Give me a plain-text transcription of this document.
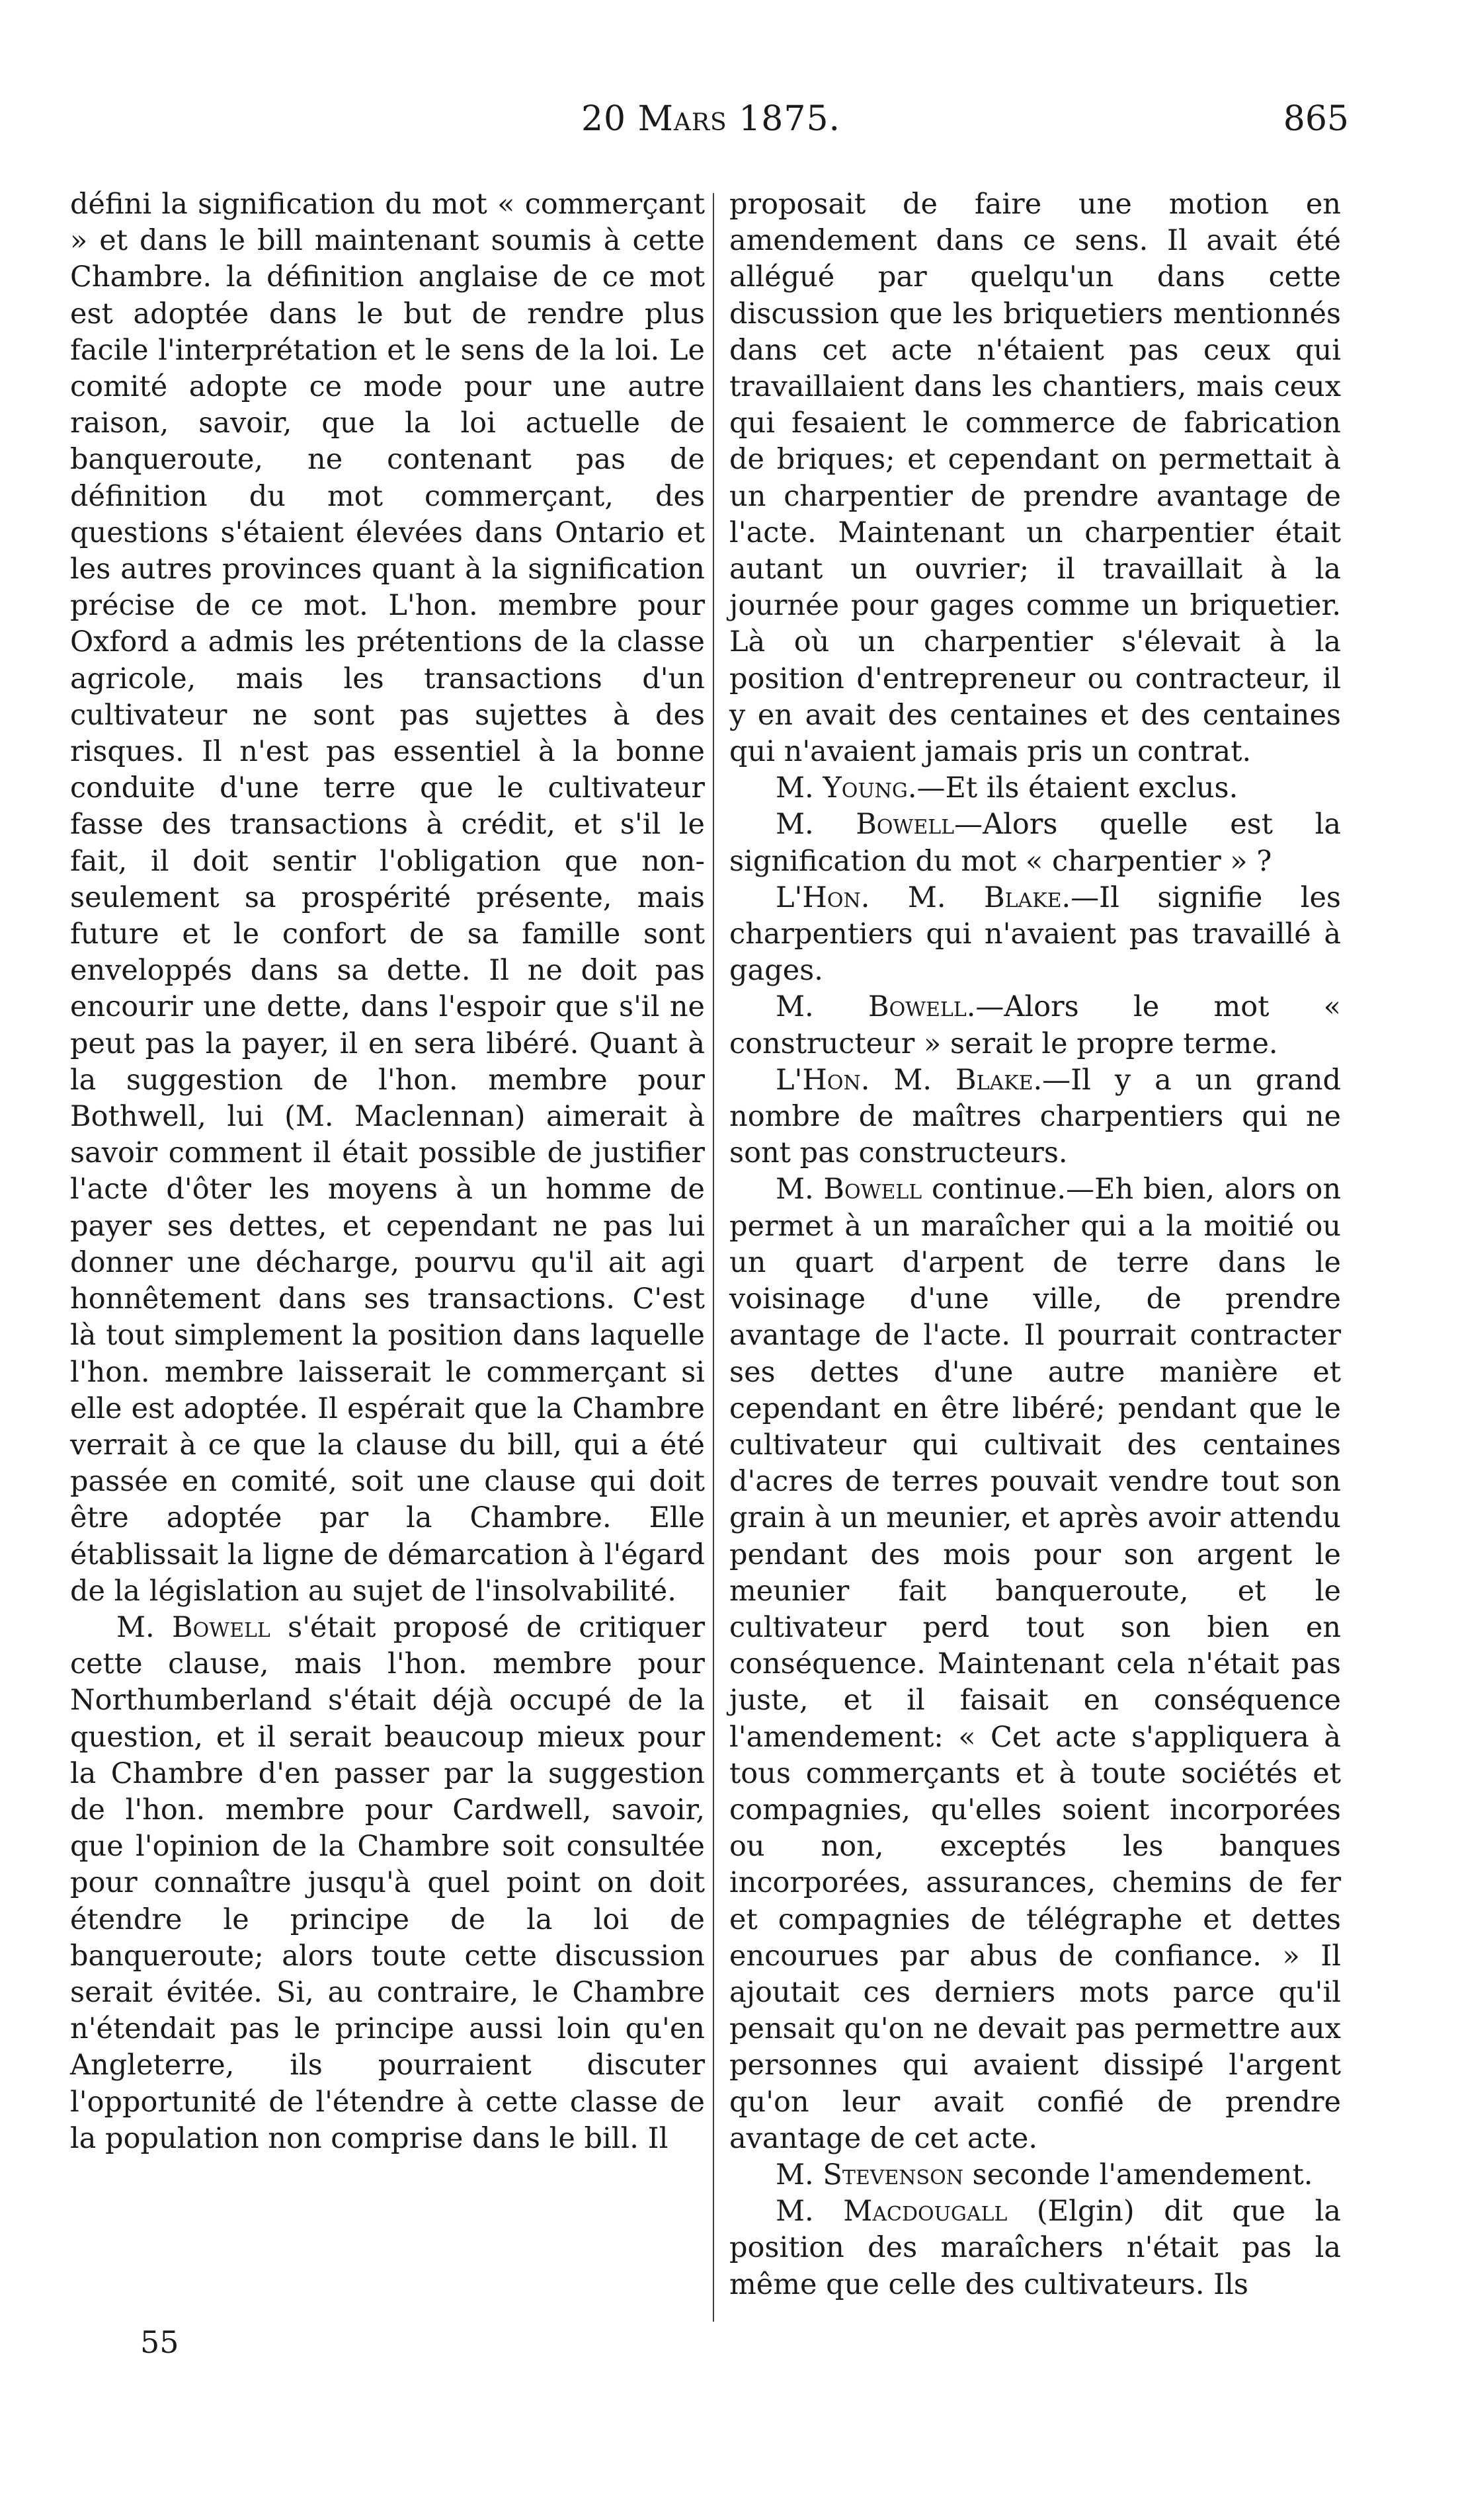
20 Mars 1875.	865

défini la signification du mot « commerçant » et dans le bill maintenant soumis à cette Chambre. la définition anglaise de ce mot est adoptée dans le but de rendre plus facile l'interprétation et le sens de la loi. Le comité adopte ce mode pour une autre raison, savoir, que la loi actuelle de banqueroute, ne contenant pas de définition du mot commerçant, des questions s'étaient élevées dans Ontario et les autres provinces quant à la signification précise de ce mot. L'hon. membre pour Oxford a admis les prétentions de la classe agricole, mais les transactions d'un cultivateur ne sont pas sujettes à des risques. Il n'est pas essentiel à la bonne conduite d'une terre que le cultivateur fasse des transactions à crédit, et s'il le fait, il doit sentir l'obligation que non-seulement sa prospérité présente, mais future et le confort de sa famille sont enveloppés dans sa dette. Il ne doit pas encourir une dette, dans l'espoir que s'il ne peut pas la payer, il en sera libéré. Quant à la suggestion de l'hon. membre pour Bothwell, lui (M. Maclennan) aimerait à savoir comment il était possible de justifier l'acte d'ôter les moyens à un homme de payer ses dettes, et cependant ne pas lui donner une décharge, pourvu qu'il ait agi honnêtement dans ses transactions. C'est là tout simplement la position dans laquelle l'hon. membre laisserait le commerçant si elle est adoptée. Il espérait que la Chambre verrait à ce que la clause du bill, qui a été passée en comité, soit une clause qui doit être adoptée par la Chambre. Elle établissait la ligne de démarcation à l'égard de la législation au sujet de l'insolvabilité.

M. Bowell s'était proposé de critiquer cette clause, mais l'hon. membre pour Northumberland s'était déjà occupé de la question, et il serait beaucoup mieux pour la Chambre d'en passer par la suggestion de l'hon. membre pour Cardwell, savoir, que l'opinion de la Chambre soit consultée pour connaître jusqu'à quel point on doit étendre le principe de la loi de banqueroute; alors toute cette discussion serait évitée. Si, au contraire, le Chambre n'étendait pas le principe aussi loin qu'en Angleterre, ils pourraient discuter l'opportunité de l'étendre à cette classe de la population non comprise dans le bill. Il

proposait de faire une motion en amendement dans ce sens. Il avait été allégué par quelqu'un dans cette discussion que les briquetiers mentionnés dans cet acte n'étaient pas ceux qui travaillaient dans les chantiers, mais ceux qui fesaient le commerce de fabrication de briques; et cependant on permettait à un charpentier de prendre avantage de l'acte. Maintenant un charpentier était autant un ouvrier; il travaillait à la journée pour gages comme un briquetier. Là où un charpentier s'élevait à la position d'entrepreneur ou contracteur, il y en avait des centaines et des centaines qui n'avaient jamais pris un contrat.

M. Young.—Et ils étaient exclus.

M. Bowell—Alors quelle est la signification du mot « charpentier » ?

L'Hon. M. Blake.—Il signifie les charpentiers qui n'avaient pas travaillé à gages.

M. Bowell.—Alors le mot « constructeur » serait le propre terme.

L'Hon. M. Blake.—Il y a un grand nombre de maîtres charpentiers qui ne sont pas constructeurs.

M. Bowell continue.—Eh bien, alors on permet à un maraîcher qui a la moitié ou un quart d'arpent de terre dans le voisinage d'une ville, de prendre avantage de l'acte. Il pourrait contracter ses dettes d'une autre manière et cependant en être libéré; pendant que le cultivateur qui cultivait des centaines d'acres de terres pouvait vendre tout son grain à un meunier, et après avoir attendu pendant des mois pour son argent le meunier fait banqueroute, et le cultivateur perd tout son bien en conséquence. Maintenant cela n'était pas juste, et il faisait en conséquence l'amendement: « Cet acte s'appliquera à tous commerçants et à toute sociétés et compagnies, qu'elles soient incorporées ou non, exceptés les banques incorporées, assurances, chemins de fer et compagnies de télégraphe et dettes encourues par abus de confiance. » Il ajoutait ces derniers mots parce qu'il pensait qu'on ne devait pas permettre aux personnes qui avaient dissipé l'argent qu'on leur avait confié de prendre avantage de cet acte.

M. Stevenson seconde l'amendement.

M. Macdougall (Elgin) dit que la position des maraîchers n'était pas la même que celle des cultivateurs. Ils

55
